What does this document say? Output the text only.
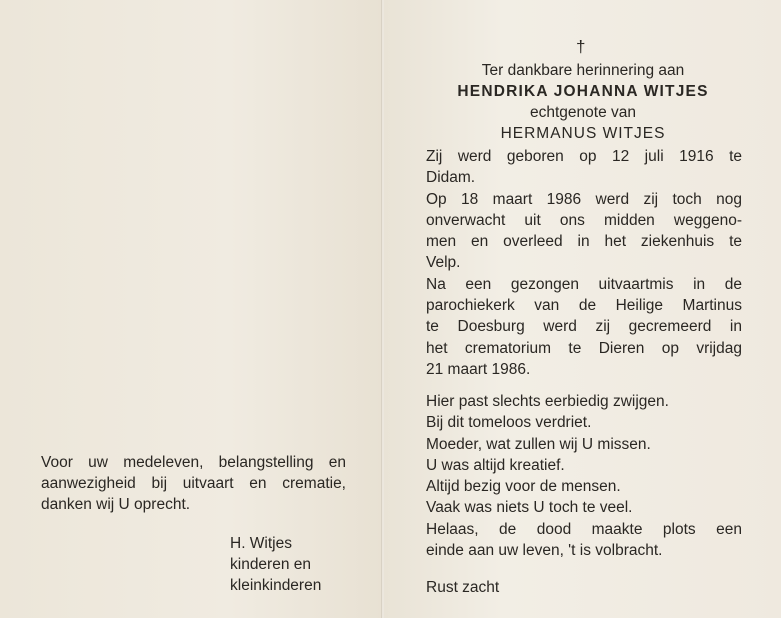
Voor uw medeleven, belangstelling en

aanwezigheid bij uitvaart en crematie,

danken wij U oprecht.

H. Witjes
kinderen en
kleinkinderen
†
Ter dankbare herinnering aan
HENDRIKA JOHANNA WITJES
echtgenote van
HERMANUS WITJES

Zij werd geboren op 12 juli 1916 te

Didam.

Op 18 maart 1986 werd zij toch nog

onverwacht uit ons midden weggeno-

men en overleed in het ziekenhuis te

Velp.

Na een gezongen uitvaartmis in de

parochiekerk van de Heilige Martinus

te Doesburg werd zij gecremeerd in

het crematorium te Dieren op vrijdag

21 maart 1986.

Hier past slechts eerbiedig zwijgen.
Bij dit tomeloos verdriet.
Moeder, wat zullen wij U missen.
U was altijd kreatief.
Altijd bezig voor de mensen.
Vaak was niets U toch te veel.
Helaas, de dood maakte plots een
einde aan uw leven, 't is volbracht.
Rust zacht
